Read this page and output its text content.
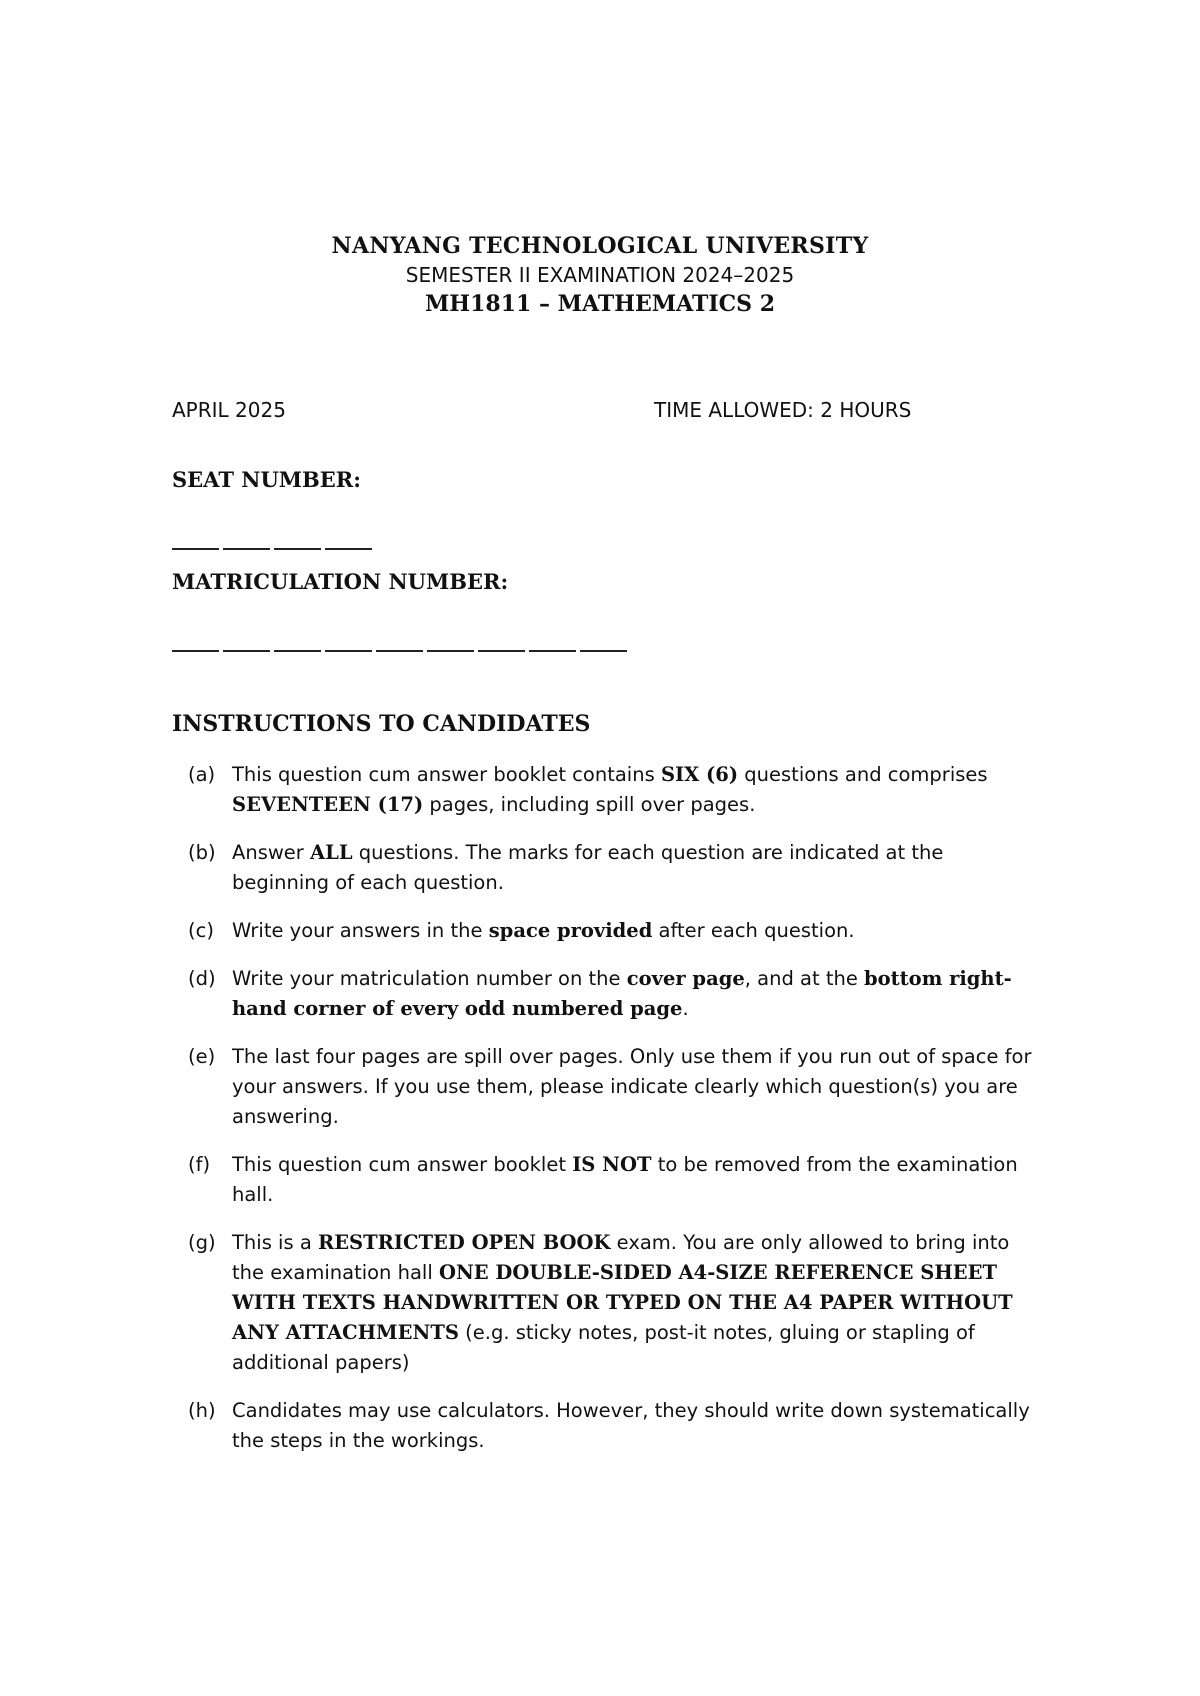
NANYANG TECHNOLOGICAL UNIVERSITY
SEMESTER II EXAMINATION 2024–2025
MH1811 – MATHEMATICS 2
APRIL 2025	TIME ALLOWED: 2 HOURS
SEAT NUMBER:
MATRICULATION NUMBER:
INSTRUCTIONS TO CANDIDATES
(a) This question cum answer booklet contains SIX (6) questions and comprises SEVENTEEN (17) pages, including spill over pages.
(b) Answer ALL questions. The marks for each question are indicated at the beginning of each question.
(c) Write your answers in the space provided after each question.
(d) Write your matriculation number on the cover page, and at the bottom right-hand corner of every odd numbered page.
(e) The last four pages are spill over pages. Only use them if you run out of space for your answers. If you use them, please indicate clearly which question(s) you are answering.
(f) This question cum answer booklet IS NOT to be removed from the examination hall.
(g) This is a RESTRICTED OPEN BOOK exam. You are only allowed to bring into the examination hall ONE DOUBLE-SIDED A4-SIZE REFERENCE SHEET WITH TEXTS HANDWRITTEN OR TYPED ON THE A4 PAPER WITHOUT ANY ATTACHMENTS (e.g. sticky notes, post-it notes, gluing or stapling of additional papers)
(h) Candidates may use calculators. However, they should write down systematically the steps in the workings.
